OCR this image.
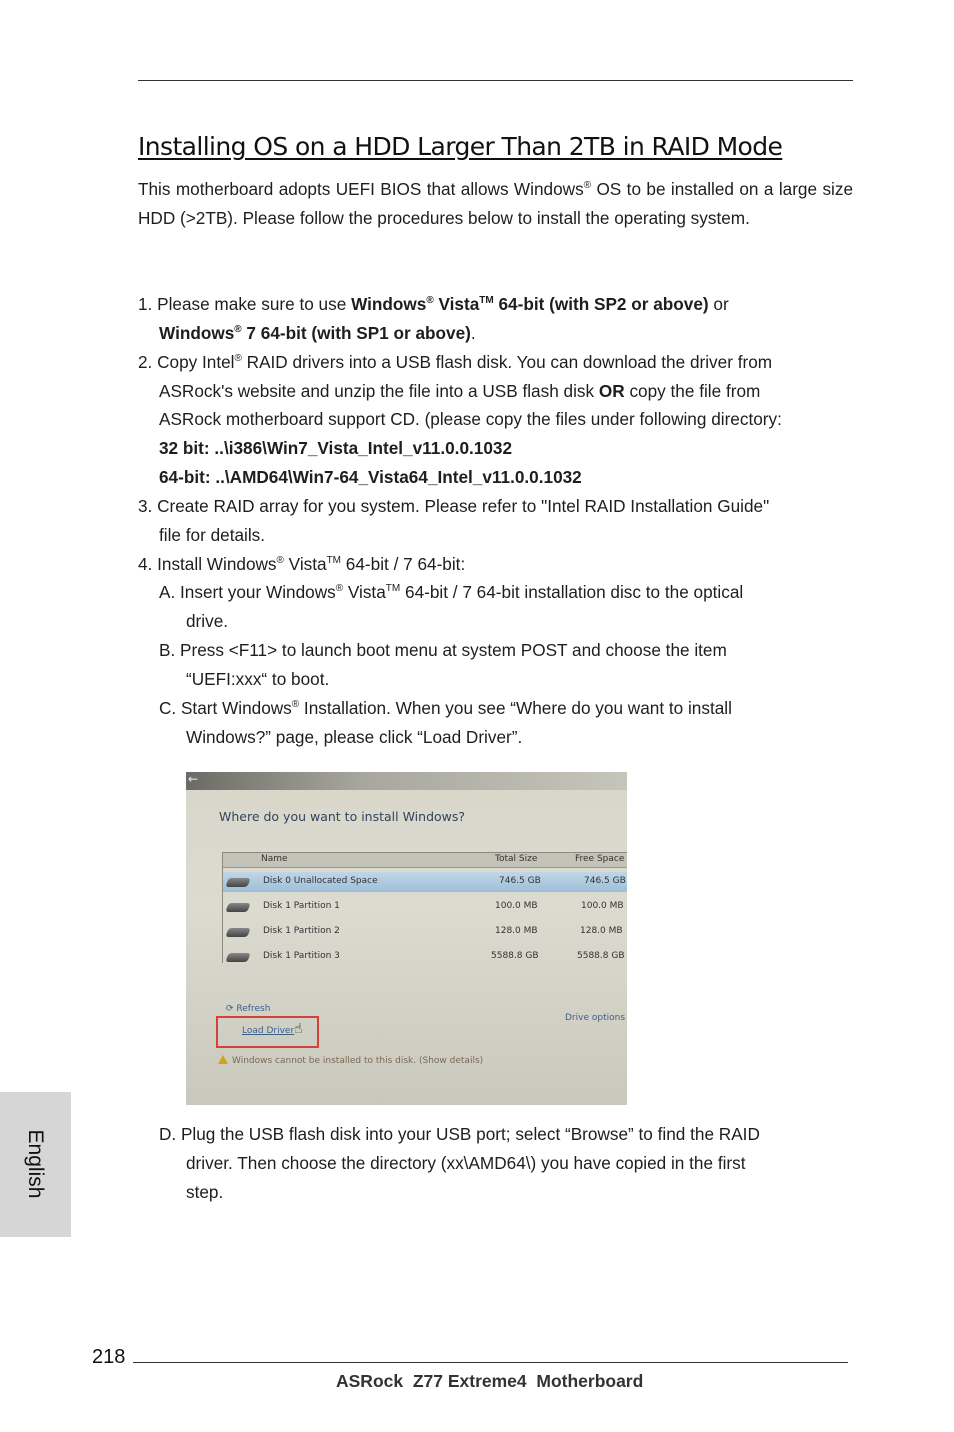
Installing OS on a HDD Larger Than 2TB in RAID Mode

This motherboard adopts UEFI BIOS that allows Windows® OS to be installed on a large size HDD (>2TB). Please follow the procedures below to install the operating system.

1. Please make sure to use Windows® Vista™ 64-bit (with SP2 or above) or

Windows® 7 64-bit (with SP1 or above).

2. Copy Intel® RAID drivers into a USB flash disk. You can download the driver from

ASRock's website and unzip the file into a USB flash disk OR copy the file from

ASRock motherboard support CD. (please copy the files under following directory:

32 bit: ..\i386\Win7_Vista_Intel_v11.0.0.1032

64-bit: ..\AMD64\Win7-64_Vista64_Intel_v11.0.0.1032

3. Create RAID array for you system. Please refer to "Intel RAID Installation Guide"

file for details.

4. Install Windows® Vista™ 64-bit / 7 64-bit:

A. Insert your Windows® Vista™ 64-bit / 7 64-bit installation disc to the optical

drive.

B. Press <F11> to launch boot menu at system POST and choose the item

“UEFI:xxx“ to boot.

C. Start Windows® Installation. When you see “Where do you want to install

Windows?” page, please click “Load Driver”.

←
Where do you want to install Windows?
Name	Total Size	Free Space
Disk 0 Unallocated Space	746.5 GB	746.5 GB
Disk 1 Partition 1	100.0 MB	100.0 MB
Disk 1 Partition 2	128.0 MB	128.0 MB
Disk 1 Partition 3	5588.8 GB	5588.8 GB
⟳ Refresh
Load Driver ☝
Drive options
Windows cannot be installed to this disk. (Show details)

D. Plug the USB flash disk into your USB port; select “Browse” to find the RAID

driver. Then choose the directory (xx\AMD64\) you have copied in the first

step.

English
218
ASRock  Z77 Extreme4  Motherboard
